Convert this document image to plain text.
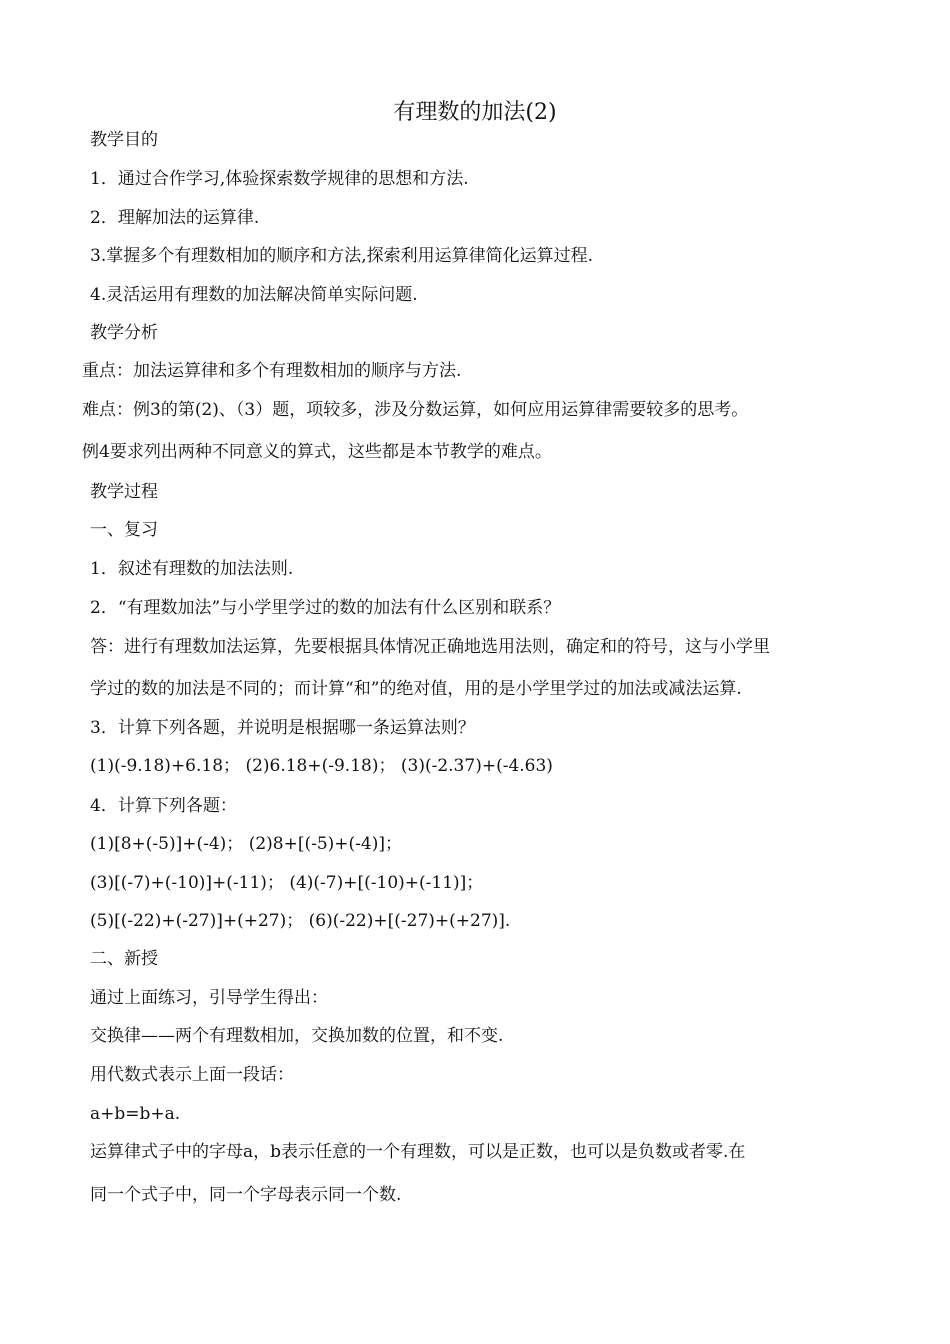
有理数的加法(2)
教学目的
1．通过合作学习,体验探索数学规律的思想和方法.
2．理解加法的运算律.
3.掌握多个有理数相加的顺序和方法,探索利用运算律简化运算过程.
4.灵活运用有理数的加法解决简单实际问题.
教学分析
重点：加法运算律和多个有理数相加的顺序与方法.
难点：例3的第(2)、（3）题，项较多，涉及分数运算，如何应用运算律需要较多的思考。
例4要求列出两种不同意义的算式，这些都是本节教学的难点。
教学过程
一、复习
1．叙述有理数的加法法则.
2．“有理数加法”与小学里学过的数的加法有什么区别和联系？
答：进行有理数加法运算，先要根据具体情况正确地选用法则，确定和的符号，这与小学里
学过的数的加法是不同的；而计算“和”的绝对值，用的是小学里学过的加法或减法运算.
3．计算下列各题，并说明是根据哪一条运算法则？
(1)(-9.18)+6.18； (2)6.18+(-9.18)； (3)(-2.37)+(-4.63)
4．计算下列各题：
(1)[8+(-5)]+(-4)； (2)8+[(-5)+(-4)]；
(3)[(-7)+(-10)]+(-11)； (4)(-7)+[(-10)+(-11)]；
(5)[(-22)+(-27)]+(+27)； (6)(-22)+[(-27)+(+27)].
二、新授
通过上面练习，引导学生得出：
交换律——两个有理数相加，交换加数的位置，和不变.
用代数式表示上面一段话：
a+b=b+a.
运算律式子中的字母a，b表示任意的一个有理数，可以是正数，也可以是负数或者零.在
同一个式子中，同一个字母表示同一个数.
